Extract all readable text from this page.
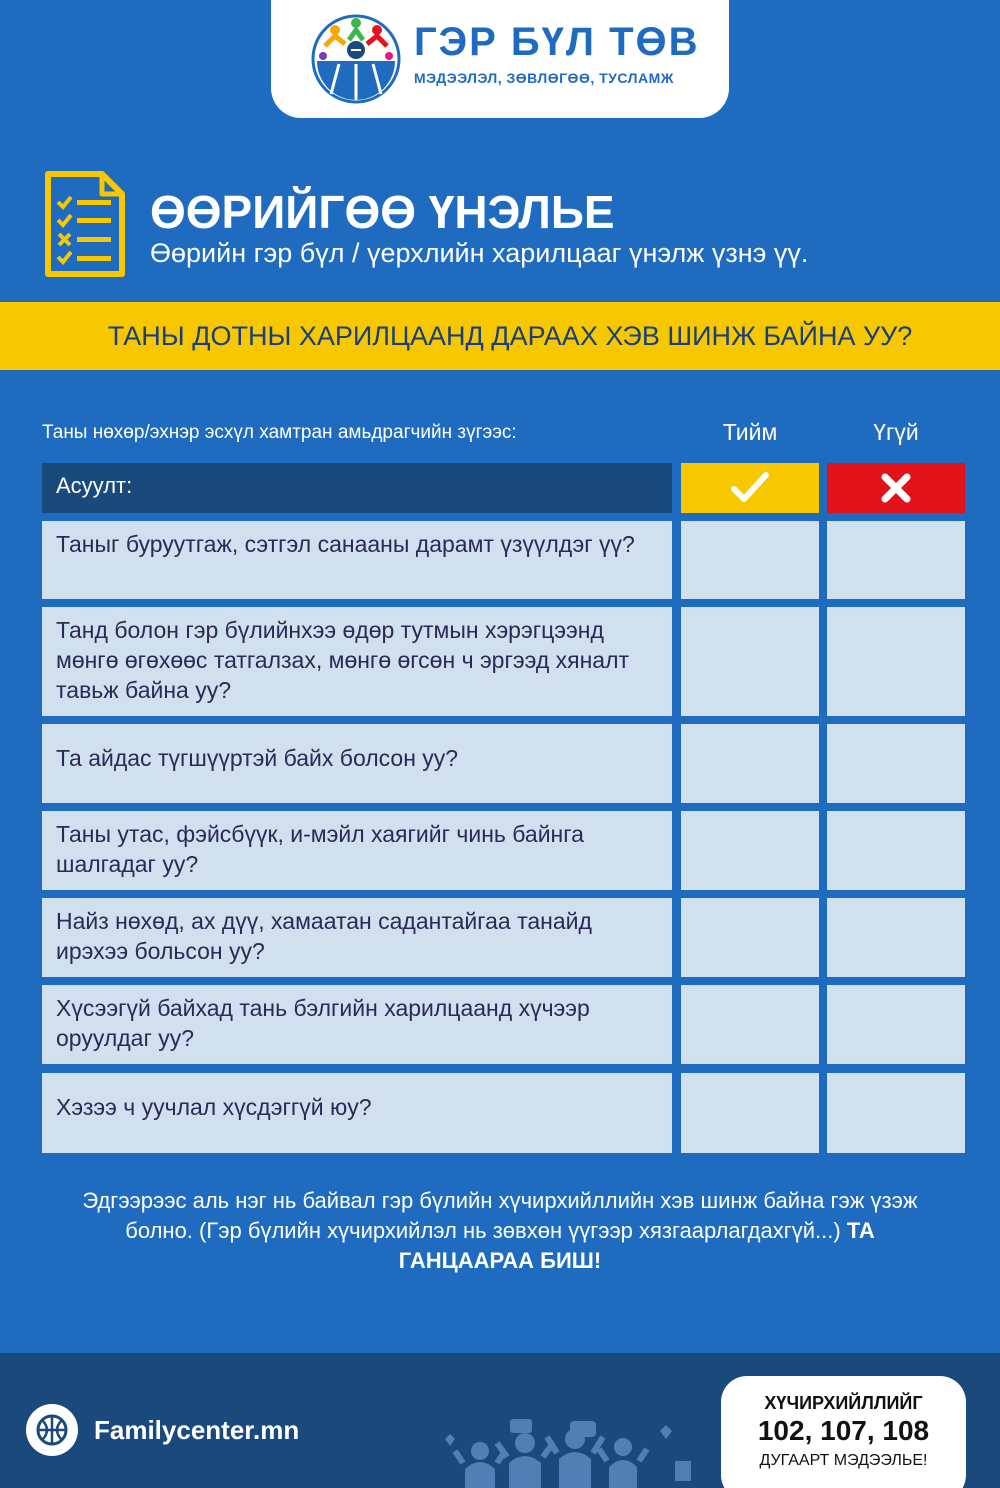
ГЭР БҮЛ ТӨВ
МЭДЭЭЛЭЛ, ЗӨВЛӨГӨӨ, ТУСЛАМЖ
ӨӨРИЙГӨӨ ҮНЭЛЬЕ
Өөрийн гэр бүл / үерхлийн харилцааг үнэлж үзнэ үү.
ТАНЫ ДОТНЫ ХАРИЛЦААНД ДАРААХ ХЭВ ШИНЖ БАЙНА УУ?
Таны нөхөр/эхнэр эсхүл хамтран амьдрагчийн зүгээс:	Тийм	Үгүй
Асуулт:
Таныг буруутгаж, сэтгэл санааны дарамт үзүүлдэг үү?
Танд болон гэр бүлийнхээ өдөр тутмын хэрэгцээнд мөнгө өгөхөөс татгалзах, мөнгө өгсөн ч эргээд хяналт тавьж байна уу?
Та айдас түгшүүртэй байх болсон уу?
Таны утас, фэйсбүүк, и-мэйл хаягийг чинь байнга шалгадаг уу?
Найз нөхөд, ах дүү, хамаатан садантайгаа танайд ирэхээ больсон уу?
Хүсээгүй байхад тань бэлгийн харилцаанд хүчээр оруулдаг уу?
Хэзээ ч уучлал хүсдэггүй юу?
Эдгээрээс аль нэг нь байвал гэр бүлийн хүчирхийллийн хэв шинж байна гэж үзэж болно. (Гэр бүлийн хүчирхийлэл нь зөвхөн үүгээр хязгаарлагдахгүй...) ТА ГАНЦААРАА БИШ!
Familycenter.mn
ХҮЧИРХИЙЛЛИЙГ
102, 107, 108
ДУГААРТ МЭДЭЭЛЬЕ!
